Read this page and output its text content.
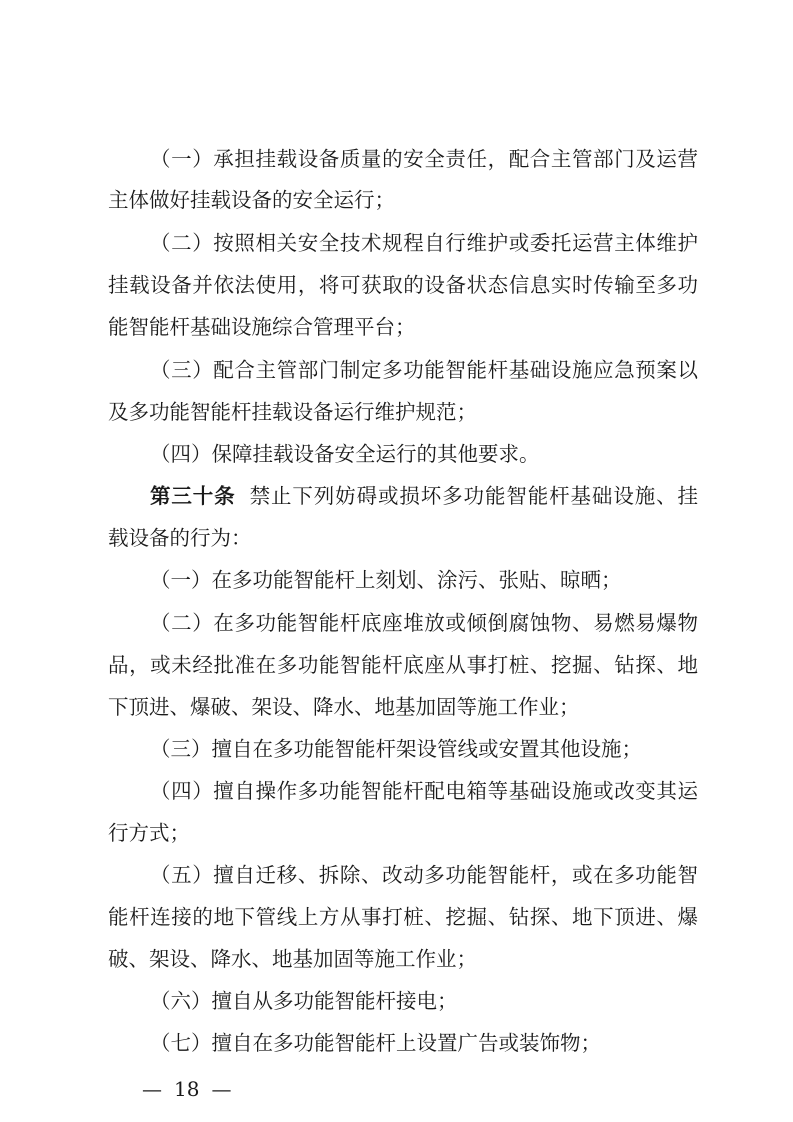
（一）承担挂载设备质量的安全责任，配合主管部门及运营
主体做好挂载设备的安全运行；
（二）按照相关安全技术规程自行维护或委托运营主体维护
挂载设备并依法使用，将可获取的设备状态信息实时传输至多功
能智能杆基础设施综合管理平台；
（三）配合主管部门制定多功能智能杆基础设施应急预案以
及多功能智能杆挂载设备运行维护规范；
（四）保障挂载设备安全运行的其他要求。
第三十条 禁止下列妨碍或损坏多功能智能杆基础设施、挂
载设备的行为：
（一）在多功能智能杆上刻划、涂污、张贴、晾晒；
（二）在多功能智能杆底座堆放或倾倒腐蚀物、易燃易爆物
品，或未经批准在多功能智能杆底座从事打桩、挖掘、钻探、地
下顶进、爆破、架设、降水、地基加固等施工作业；
（三）擅自在多功能智能杆架设管线或安置其他设施；
（四）擅自操作多功能智能杆配电箱等基础设施或改变其运
行方式；
（五）擅自迁移、拆除、改动多功能智能杆，或在多功能智
能杆连接的地下管线上方从事打桩、挖掘、钻探、地下顶进、爆
破、架设、降水、地基加固等施工作业；
（六）擅自从多功能智能杆接电；
（七）擅自在多功能智能杆上设置广告或装饰物；
— 18 —
